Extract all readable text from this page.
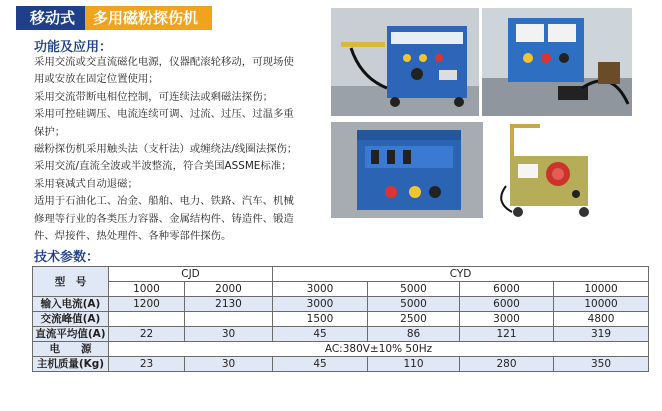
移动式	多用磁粉探伤机
功能及应用：
采用交流或交直流磁化电源，仪器配滚轮移动，可现场使
用或安放在固定位置使用；
采用交流带断电相位控制，可连续法或剩磁法探伤；
采用可控硅调压、电流连续可调、过流、过压、过温多重
保护；
磁粉探伤机采用触头法（支杆法）或缠绕法/线圈法探伤；
采用交流/直流全波或半波整流，符合美国ASSME标准；
采用衰减式自动退磁；
适用于石油化工、冶金、船舶、电力、铁路、汽车、机械
修理等行业的各类压力容器、金属结构件、铸造件、锻造
件、焊接件、热处理件、各种零部件探伤。
技术参数：
型　号	CJD		CYD			
	1000	2000	3000	5000	6000	10000
输入电流(A)	1200	2130	3000	5000	6000	10000
交流峰值(A)			1500	2500	3000	4800
直流平均值(A)	22	30	45	86	121	319
电　　源	AC:380V±10% 50Hz					
主机质量(Kg)	23	30	45	110	280	350
